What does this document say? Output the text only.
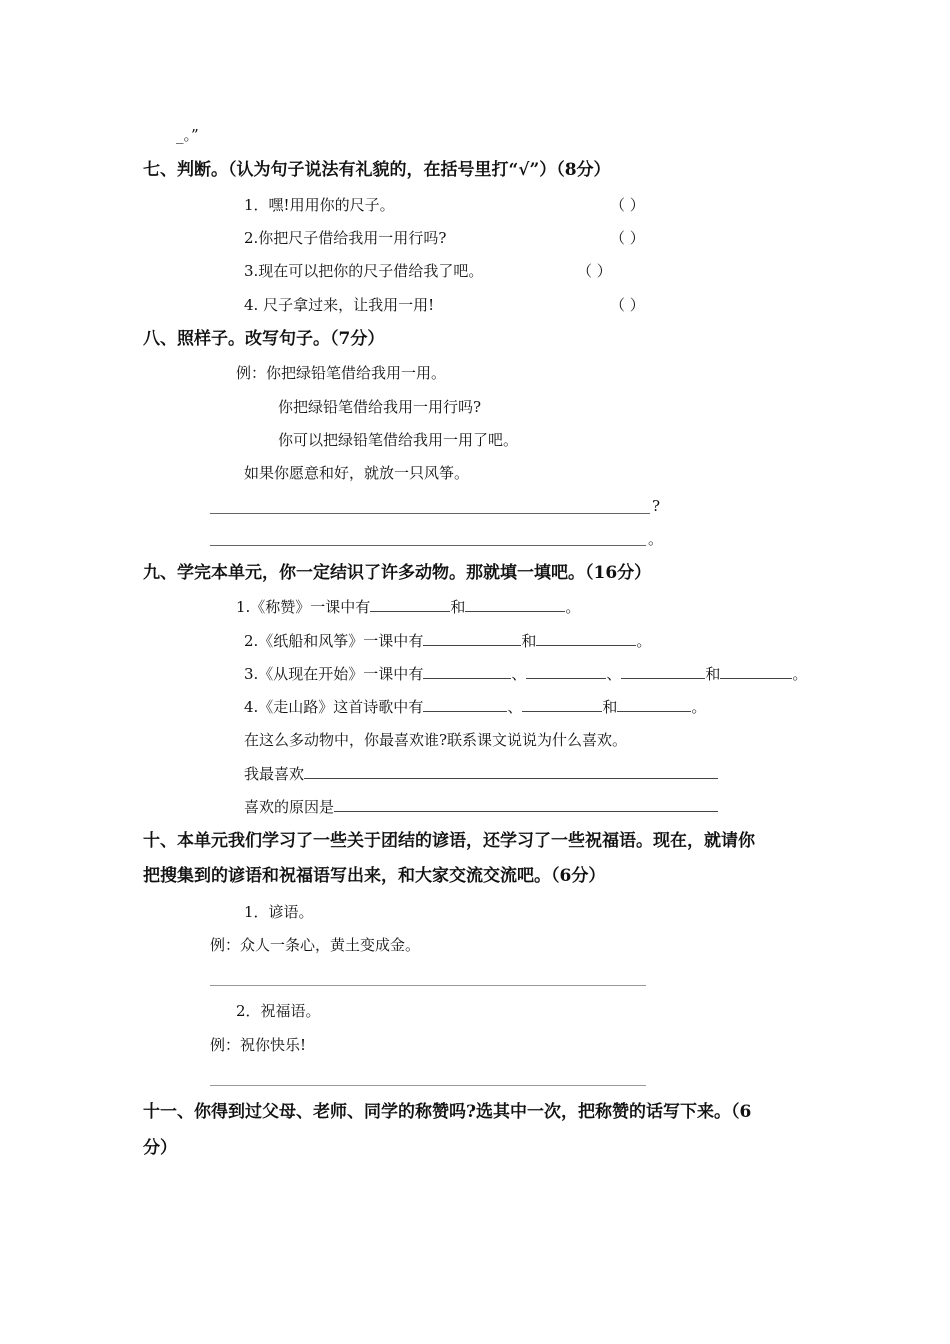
_。”
七、判断。（认为句子说法有礼貌的，在括号里打“√”）（8分）
1．嘿!用用你的尺子。	（ ）
2.你把尺子借给我用一用行吗?	（ ）
3.现在可以把你的尺子借给我了吧。	（ ）
4. 尺子拿过来，让我用一用!	（ ）
八、照样子。改写句子。（7分）
例：你把绿铅笔借给我用一用。
你把绿铅笔借给我用一用行吗?
你可以把绿铅笔借给我用一用了吧。
如果你愿意和好，就放一只风筝。
?
。
九、学完本单元，你一定结识了许多动物。那就填一填吧。（16分）
1.《称赞》一课中有	和	。
2.《纸船和风筝》一课中有	和	。
3.《从现在开始》一课中有	、	、	和	。
4.《走山路》这首诗歌中有	、	和	。
在这么多动物中，你最喜欢谁?联系课文说说为什么喜欢。
我最喜欢
喜欢的原因是
十、本单元我们学习了一些关于团结的谚语，还学习了一些祝福语。现在，就请你
把搜集到的谚语和祝福语写出来，和大家交流交流吧。（6分）
1．谚语。
例：众人一条心，黄土变成金。
2．祝福语。
例：祝你快乐!
十一、你得到过父母、老师、同学的称赞吗?选其中一次，把称赞的话写下来。（6
分）
